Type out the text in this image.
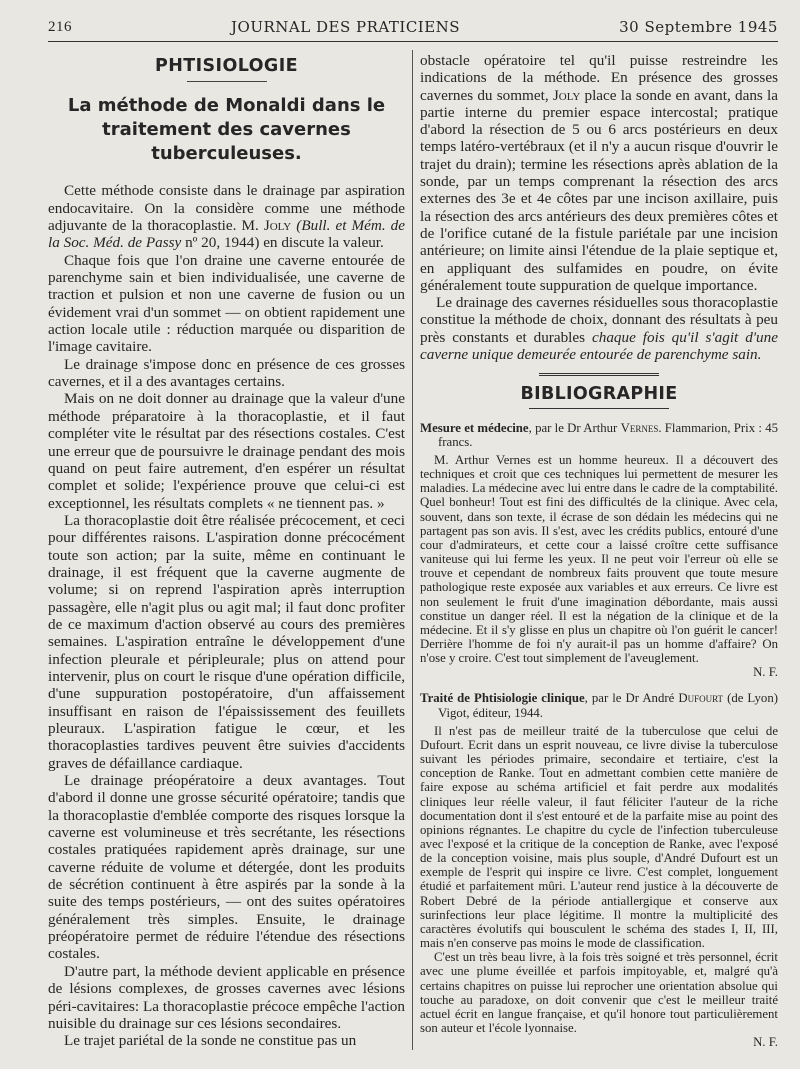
216	JOURNAL DES PRATICIENS	30 Septembre 1945
PHTISIOLOGIE
La méthode de Monaldi dans le traitement des cavernes tuberculeuses.

Cette méthode consiste dans le drainage par aspiration endocavitaire. On la considère comme une méthode adjuvante de la thoracoplastie. M. Joly (Bull. et Mém. de la Soc. Méd. de Passy nº 20, 1944) en discute la valeur.

Chaque fois que l'on draine une caverne entourée de parenchyme sain et bien individualisée, une caverne de traction et pulsion et non une caverne de fusion ou un évidement vrai d'un sommet — on obtient rapidement une action locale utile : réduction marquée ou disparition de l'image cavitaire.

Le drainage s'impose donc en présence de ces grosses cavernes, et il a des avantages certains.

Mais on ne doit donner au drainage que la valeur d'une méthode préparatoire à la thoracoplastie, et il faut compléter vite le résultat par des résections costales. C'est une erreur que de poursuivre le drainage pendant des mois quand on peut faire autrement, d'en espérer un résultat complet et solide; l'expérience prouve que celui-ci est exceptionnel, les résultats complets « ne tiennent pas. »

La thoracoplastie doit être réalisée précocement, et ceci pour différentes raisons. L'aspiration donne précocément toute son action; par la suite, même en continuant le drainage, il est fréquent que la caverne augmente de volume; si on reprend l'aspiration après interruption passagère, elle n'agit plus ou agit mal; il faut donc profiter de ce maximum d'action observé au cours des premières semaines. L'aspiration entraîne le développement d'une infection pleurale et péripleurale; plus on attend pour intervenir, plus on court le risque d'une opération difficile, d'une suppuration postopératoire, d'un affaissement insuffisant en raison de l'épaississement des feuillets pleuraux. L'aspiration fatigue le cœur, et les thoracoplasties tardives peuvent être suivies d'accidents graves de défaillance cardiaque.

Le drainage préopératoire a deux avantages. Tout d'abord il donne une grosse sécurité opératoire; tandis que la thoracoplastie d'emblée comporte des risques lorsque la caverne est volumineuse et très secrétante, les résections costales pratiquées rapidement après drainage, sur une caverne réduite de volume et détergée, dont les produits de sécrétion continuent à être aspirés par la sonde à la suite des temps postérieurs, — ont des suites opératoires généralement très simples. Ensuite, le drainage préopératoire permet de réduire l'étendue des résections costales.

D'autre part, la méthode devient applicable en présence de lésions complexes, de grosses cavernes avec lésions péri-cavitaires: La thoracoplastie précoce empêche l'action nuisible du drainage sur ces lésions secondaires.

Le trajet pariétal de la sonde ne constitue pas un

obstacle opératoire tel qu'il puisse restreindre les indications de la méthode. En présence des grosses cavernes du sommet, Joly place la sonde en avant, dans la partie interne du premier espace intercostal; pratique d'abord la résection de 5 ou 6 arcs postérieurs en deux temps latéro-vertébraux (et il n'y a aucun risque d'ouvrir le trajet du drain); termine les résections après ablation de la sonde, par un temps comprenant la résection des arcs externes des 3e et 4e côtes par une incison axillaire, puis la résection des arcs antérieurs des deux premières côtes et de l'orifice cutané de la fistule pariétale par une incision antérieure; on limite ainsi l'étendue de la plaie septique et, en appliquant des sulfamides en poudre, on évite généralement toute suppuration de quelque importance.

Le drainage des cavernes résiduelles sous thoracoplastie constitue la méthode de choix, donnant des résultats à peu près constants et durables chaque fois qu'il s'agit d'une caverne unique demeurée entourée de parenchyme sain.

BIBLIOGRAPHIE

Mesure et médecine, par le Dr Arthur Vernes. Flammarion, Prix : 45 francs.

M. Arthur Vernes est un homme heureux. Il a découvert des techniques et croit que ces techniques lui permettent de mesurer les maladies. La médecine avec lui entre dans le cadre de la comptabilité. Quel bonheur! Tout est fini des difficultés de la clinique. Avec cela, souvent, dans son texte, il écrase de son dédain les médecins qui ne partagent pas son avis. Il s'est, avec les crédits publics, entouré d'une cour d'admirateurs, et cette cour a laissé croître cette suffisance vaniteuse qui lui ferme les yeux. Il ne peut voir l'erreur où elle se trouve et cependant de nombreux faits prouvent que toute mesure pathologique reste exposée aux variables et aux erreurs. Ce livre est non seulement le fruit d'une imagination débordante, mais aussi constitue un danger réel. Il est la négation de la clinique et de la médecine. Et il s'y glisse en plus un chapitre où l'on guérit le cancer! Derrière l'homme de foi n'y aurait-il pas un homme d'affaire? On n'ose y croire. C'est tout simplement de l'aveuglement.

N. F.

Traité de Phtisiologie clinique, par le Dr André Dufourt (de Lyon) Vigot, éditeur, 1944.

Il n'est pas de meilleur traité de la tuberculose que celui de Dufourt. Ecrit dans un esprit nouveau, ce livre divise la tuberculose suivant les périodes primaire, secondaire et tertiaire, c'est la conception de Ranke. Tout en admettant combien cette manière de faire expose au schéma artificiel et fait perdre aux modalités cliniques leur réelle valeur, il faut féliciter l'auteur de la riche documentation dont il s'est entouré et de la parfaite mise au point des opinions régnantes. Le chapitre du cycle de l'infection tuberculeuse avec l'exposé et la critique de la conception de Ranke, avec l'exposé de la conception voisine, mais plus souple, d'André Dufourt est un exemple de l'esprit qui inspire ce livre. C'est complet, longuement étudié et parfaitement mûri. L'auteur rend justice à la découverte de Robert Debré de la période antiallergique et conserve aux surinfections leur place légitime. Il montre la multiplicité des caractères évolutifs qui bousculent le schéma des stades I, II, III, mais n'en conserve pas moins le mode de classification.

C'est un très beau livre, à la fois très soigné et très personnel, écrit avec une plume éveillée et parfois impitoyable, et, malgré qu'à certains chapitres on puisse lui reprocher une orientation absolue qui touche au paradoxe, on doit convenir que c'est le meilleur traité actuel écrit en langue française, et qu'il honore tout particulièrement son auteur et l'école lyonnaise.

N. F.
